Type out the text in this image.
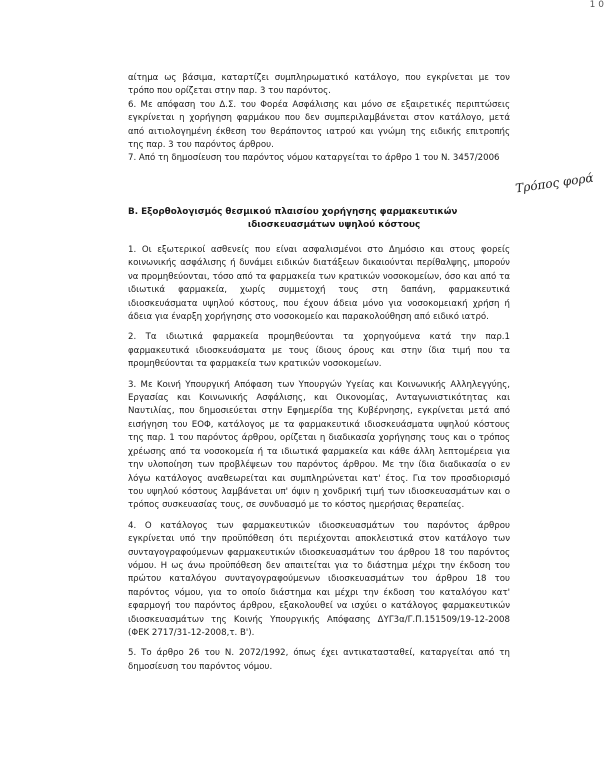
1 0

αίτημα ως βάσιμα, καταρτίζει συμπληρωματικό κατάλογο, που εγκρίνεται με τον τρόπο που ορίζεται στην παρ. 3 του παρόντος.

6. Με απόφαση του Δ.Σ. του Φορέα Ασφάλισης και μόνο σε εξαιρετικές περιπτώσεις εγκρίνεται η χορήγηση φαρμάκου που δεν συμπεριλαμβάνεται στον κατάλογο, μετά από αιτιολογημένη έκθεση του θεράποντος ιατρού και γνώμη της ειδικής επιτροπής της παρ. 3 του παρόντος άρθρου.

7. Από τη δημοσίευση του παρόντος νόμου καταργείται το άρθρο 1 του Ν. 3457/2006

Τρόπος φορά
Β. Εξορθολογισμός θεσμικού πλαισίου χορήγησης φαρμακευτικών
ιδιοσκευασμάτων υψηλού κόστους

1. Οι εξωτερικοί ασθενείς που είναι ασφαλισμένοι στο Δημόσιο και στους φορείς κοινωνικής ασφάλισης ή δυνάμει ειδικών διατάξεων δικαιούνται περίθαλψης, μπορούν να προμηθεύονται, τόσο από τα φαρμακεία των κρατικών νοσοκομείων, όσο και από τα ιδιωτικά φαρμακεία, χωρίς συμμετοχή τους στη δαπάνη, φαρμακευτικά ιδιοσκευάσματα υψηλού κόστους, που έχουν άδεια μόνο για νοσοκομειακή χρήση ή άδεια για έναρξη χορήγησης στο νοσοκομείο και παρακολούθηση από ειδικό ιατρό.

2. Τα ιδιωτικά φαρμακεία προμηθεύονται τα χορηγούμενα κατά την παρ.1 φαρμακευτικά ιδιοσκευάσματα με τους ίδιους όρους και στην ίδια τιμή που τα προμηθεύονται τα φαρμακεία των κρατικών νοσοκομείων.

3. Με Κοινή Υπουργική Απόφαση των Υπουργών Υγείας και Κοινωνικής Αλληλεγγύης, Εργασίας και Κοινωνικής Ασφάλισης, και Οικονομίας, Ανταγωνιστικότητας και Ναυτιλίας, που δημοσιεύεται στην Εφημερίδα της Κυβέρνησης, εγκρίνεται μετά από εισήγηση του ΕΟΦ, κατάλογος με τα φαρμακευτικά ιδιοσκευάσματα υψηλού κόστους της παρ. 1 του παρόντος άρθρου, ορίζεται η διαδικασία χορήγησης τους και ο τρόπος χρέωσης από τα νοσοκομεία ή τα ιδιωτικά φαρμακεία και κάθε άλλη λεπτομέρεια για την υλοποίηση των προβλέψεων του παρόντος άρθρου. Με την ίδια διαδικασία ο εν λόγω κατάλογος αναθεωρείται και συμπληρώνεται κατ' έτος. Για τον προσδιορισμό του υψηλού κόστους λαμβάνεται υπ' όψιν η χονδρική τιμή των ιδιοσκευασμάτων και ο τρόπος συσκευασίας τους, σε συνδυασμό με το κόστος ημερήσιας θεραπείας.

4. Ο κατάλογος των φαρμακευτικών ιδιοσκευασμάτων του παρόντος άρθρου εγκρίνεται υπό την προϋπόθεση ότι περιέχονται αποκλειστικά στον κατάλογο των συνταγογραφούμενων φαρμακευτικών ιδιοσκευασμάτων του άρθρου 18 του παρόντος νόμου. Η ως άνω προϋπόθεση δεν απαιτείται για το διάστημα μέχρι την έκδοση του πρώτου καταλόγου συνταγογραφούμενων ιδιοσκευασμάτων του άρθρου 18 του παρόντος νόμου, για το οποίο διάστημα και μέχρι την έκδοση του καταλόγου κατ' εφαρμογή του παρόντος άρθρου, εξακολουθεί να ισχύει ο κατάλογος φαρμακευτικών ιδιοσκευασμάτων της Κοινής Υπουργικής Απόφασης ΔΥΓ3α/Γ.Π.151509/19-12-2008 (ΦΕΚ 2717/31-12-2008,τ. Β').

5. Το άρθρο 26 του Ν. 2072/1992, όπως έχει αντικατασταθεί, καταργείται από τη δημοσίευση του παρόντος νόμου.
